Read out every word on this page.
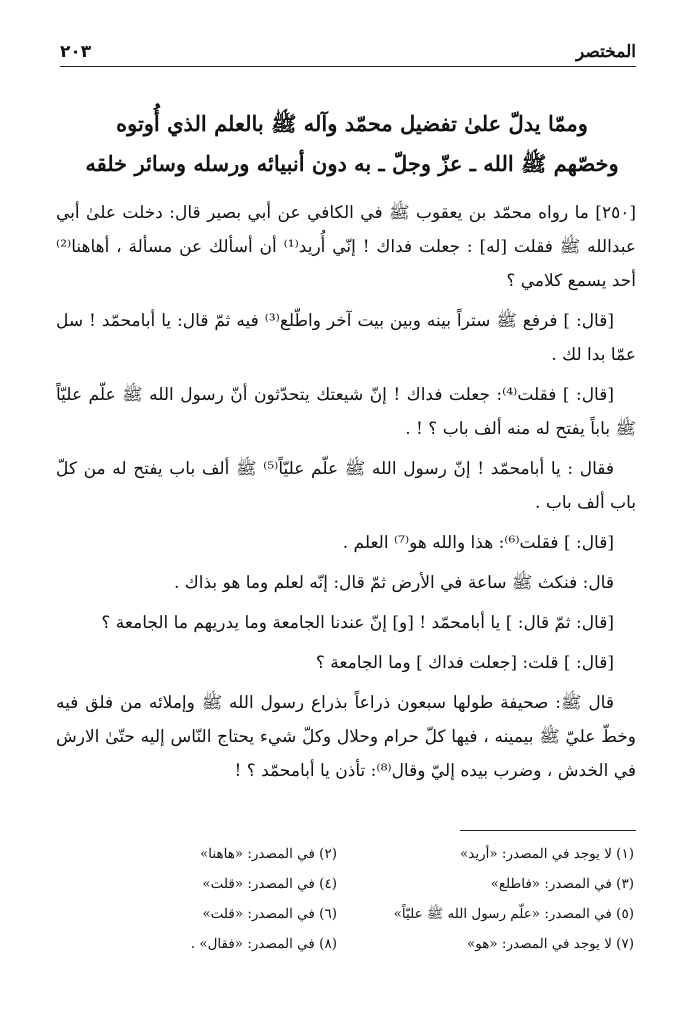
المختصر
٢٠٣
وممّا يدلّ علىٰ تفضيل محمّد وآله ﷺ بالعلم الذي أُوتوه
وخصّهم ﷺ الله ـ عزّ وجلّ ـ به دون أنبيائه ورسله وسائر خلقه

[٢٥٠] ما رواه محمّد بن يعقوب ﷺ في الكافي عن أبي بصير قال: دخلت علىٰ أبي عبدالله ﷺ فقلت [له] : جعلت فداك ! إنّي أُريد⁽¹⁾ أن أسألك عن مسألة ، أهاهنا⁽²⁾ أحد يسمع كلامي ؟

[قال: ] فرفع ﷺ ستراً بينه وبين بيت آخر واطّلع⁽³⁾ فيه ثمّ قال: يا أبامحمّد ! سل عمّا بدا لك .

[قال: ] فقلت⁽⁴⁾: جعلت فداك ! إنّ شيعتك يتحدّثون أنّ رسول الله ﷺ علّم عليّاً ﷺ باباً يفتح له منه ألف باب ؟ ! .

فقال : يا أبامحمّد ! إنّ رسول الله ﷺ علّم عليّاً⁽⁵⁾ ﷺ ألف باب يفتح له من كلّ باب ألف باب .

[قال: ] فقلت⁽⁶⁾: هذا والله هو⁽⁷⁾ العلم .

قال: فنكث ﷺ ساعة في الأرض ثمّ قال: إنّه لعلم وما هو بذاك .

[قال: ثمّ قال: ] يا أبامحمّد ! [و] إنّ عندنا الجامعة وما يدريهم ما الجامعة ؟

[قال: ] قلت: [جعلت فداك ] وما الجامعة ؟

قال ﷺ: صحيفة طولها سبعون ذراعاً بذراع رسول الله ﷺ وإملائه من فلق فيه وخطّ عليّ ﷺ بيمينه ، فيها كلّ حرام وحلال وكلّ شيء يحتاج النّاس إليه حتّىٰ الارش في الخدش ، وضرب بيده إليّ وقال⁽⁸⁾: تأذن يا أبامحمّد ؟ !

(١) لا يوجد في المصدر: «أريد»
(٢) في المصدر: «هاهنا»
(٣) في المصدر: «فاطلع»
(٤) في المصدر: «قلت»
(٥) في المصدر: «علّم رسول الله ﷺ عليّاً»
(٦) في المصدر: «قلت»
(٧) لا يوجد في المصدر: «هو»
(٨) في المصدر: «فقال» .
